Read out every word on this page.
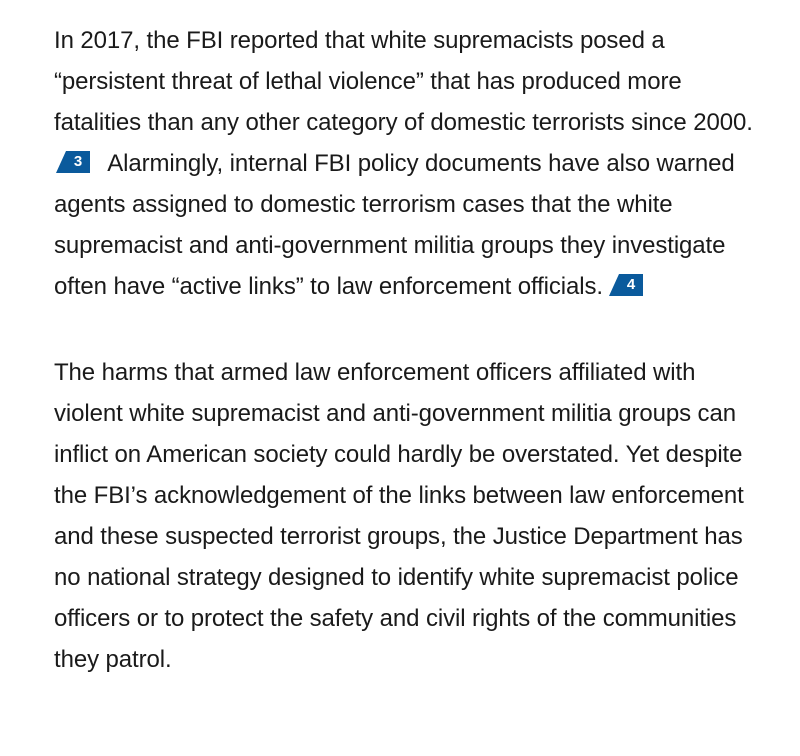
In 2017, the FBI reported that white supremacists posed a “persistent threat of lethal violence” that has produced more fatalities than any other category of domestic terrorists since 2000.
3 Alarmingly, internal FBI policy documents have also warned agents assigned to domestic terrorism cases that the white supremacist and anti-government militia groups they investigate often have “active links” to law enforcement officials.	4

The harms that armed law enforcement officers affiliated with violent white supremacist and anti-government militia groups can inflict on American society could hardly be overstated. Yet despite the FBI’s acknowledgement of the links between law enforcement and these suspected terrorist groups, the Justice Department has no national strategy designed to identify white supremacist police officers or to protect the safety and civil rights of the communities they patrol.
